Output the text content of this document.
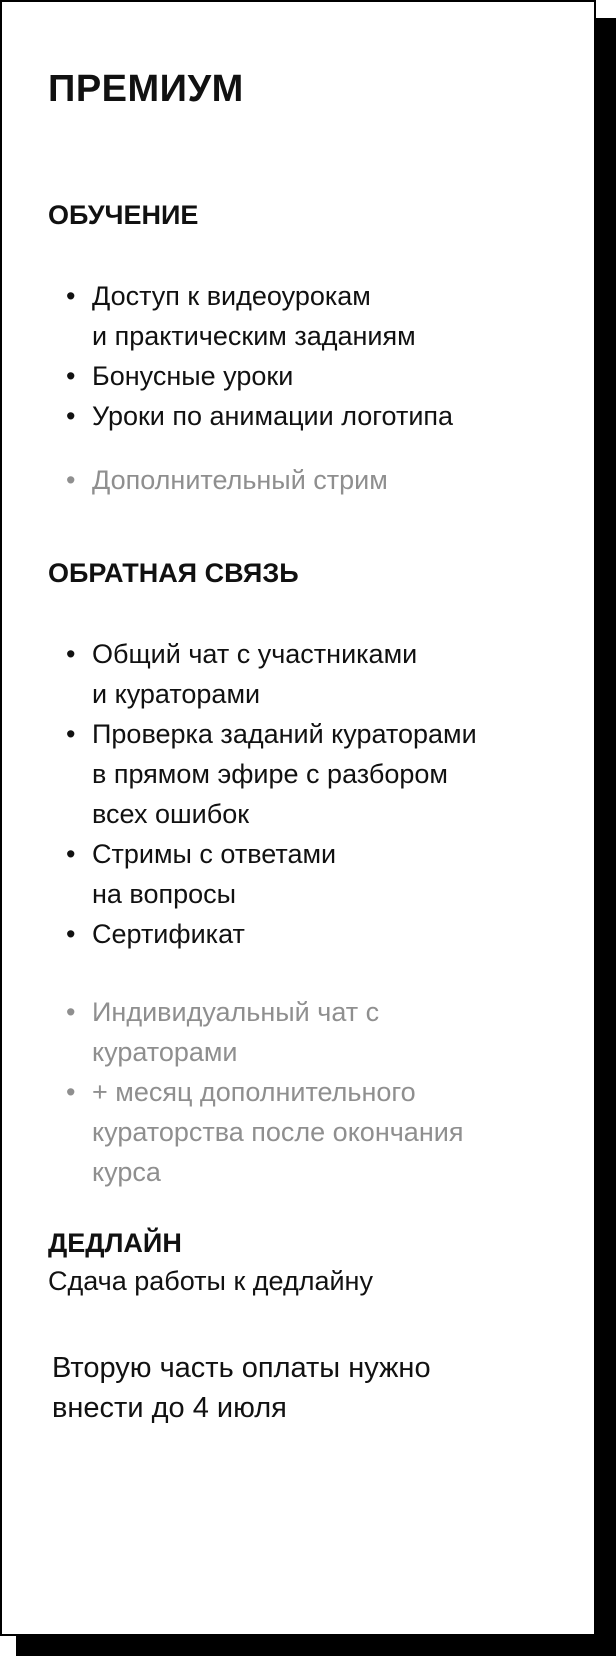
ПРЕМИУМ
ОБУЧЕНИЕ
• Доступ к видеоурокам
и практическим заданиям
• Бонусные уроки
• Уроки по анимации логотипа
• Дополнительный стрим
ОБРАТНАЯ СВЯЗЬ
• Общий чат с участниками
и кураторами
• Проверка заданий кураторами
в прямом эфире с разбором
всех ошибок
• Стримы с ответами
на вопросы
• Сертификат
• Индивидуальный чат с
кураторами
• + месяц дополнительного
кураторства после окончания
курса
ДЕДЛАЙН

Сдача работы к дедлайну

Вторую часть оплаты нужно
внести до 4 июля
